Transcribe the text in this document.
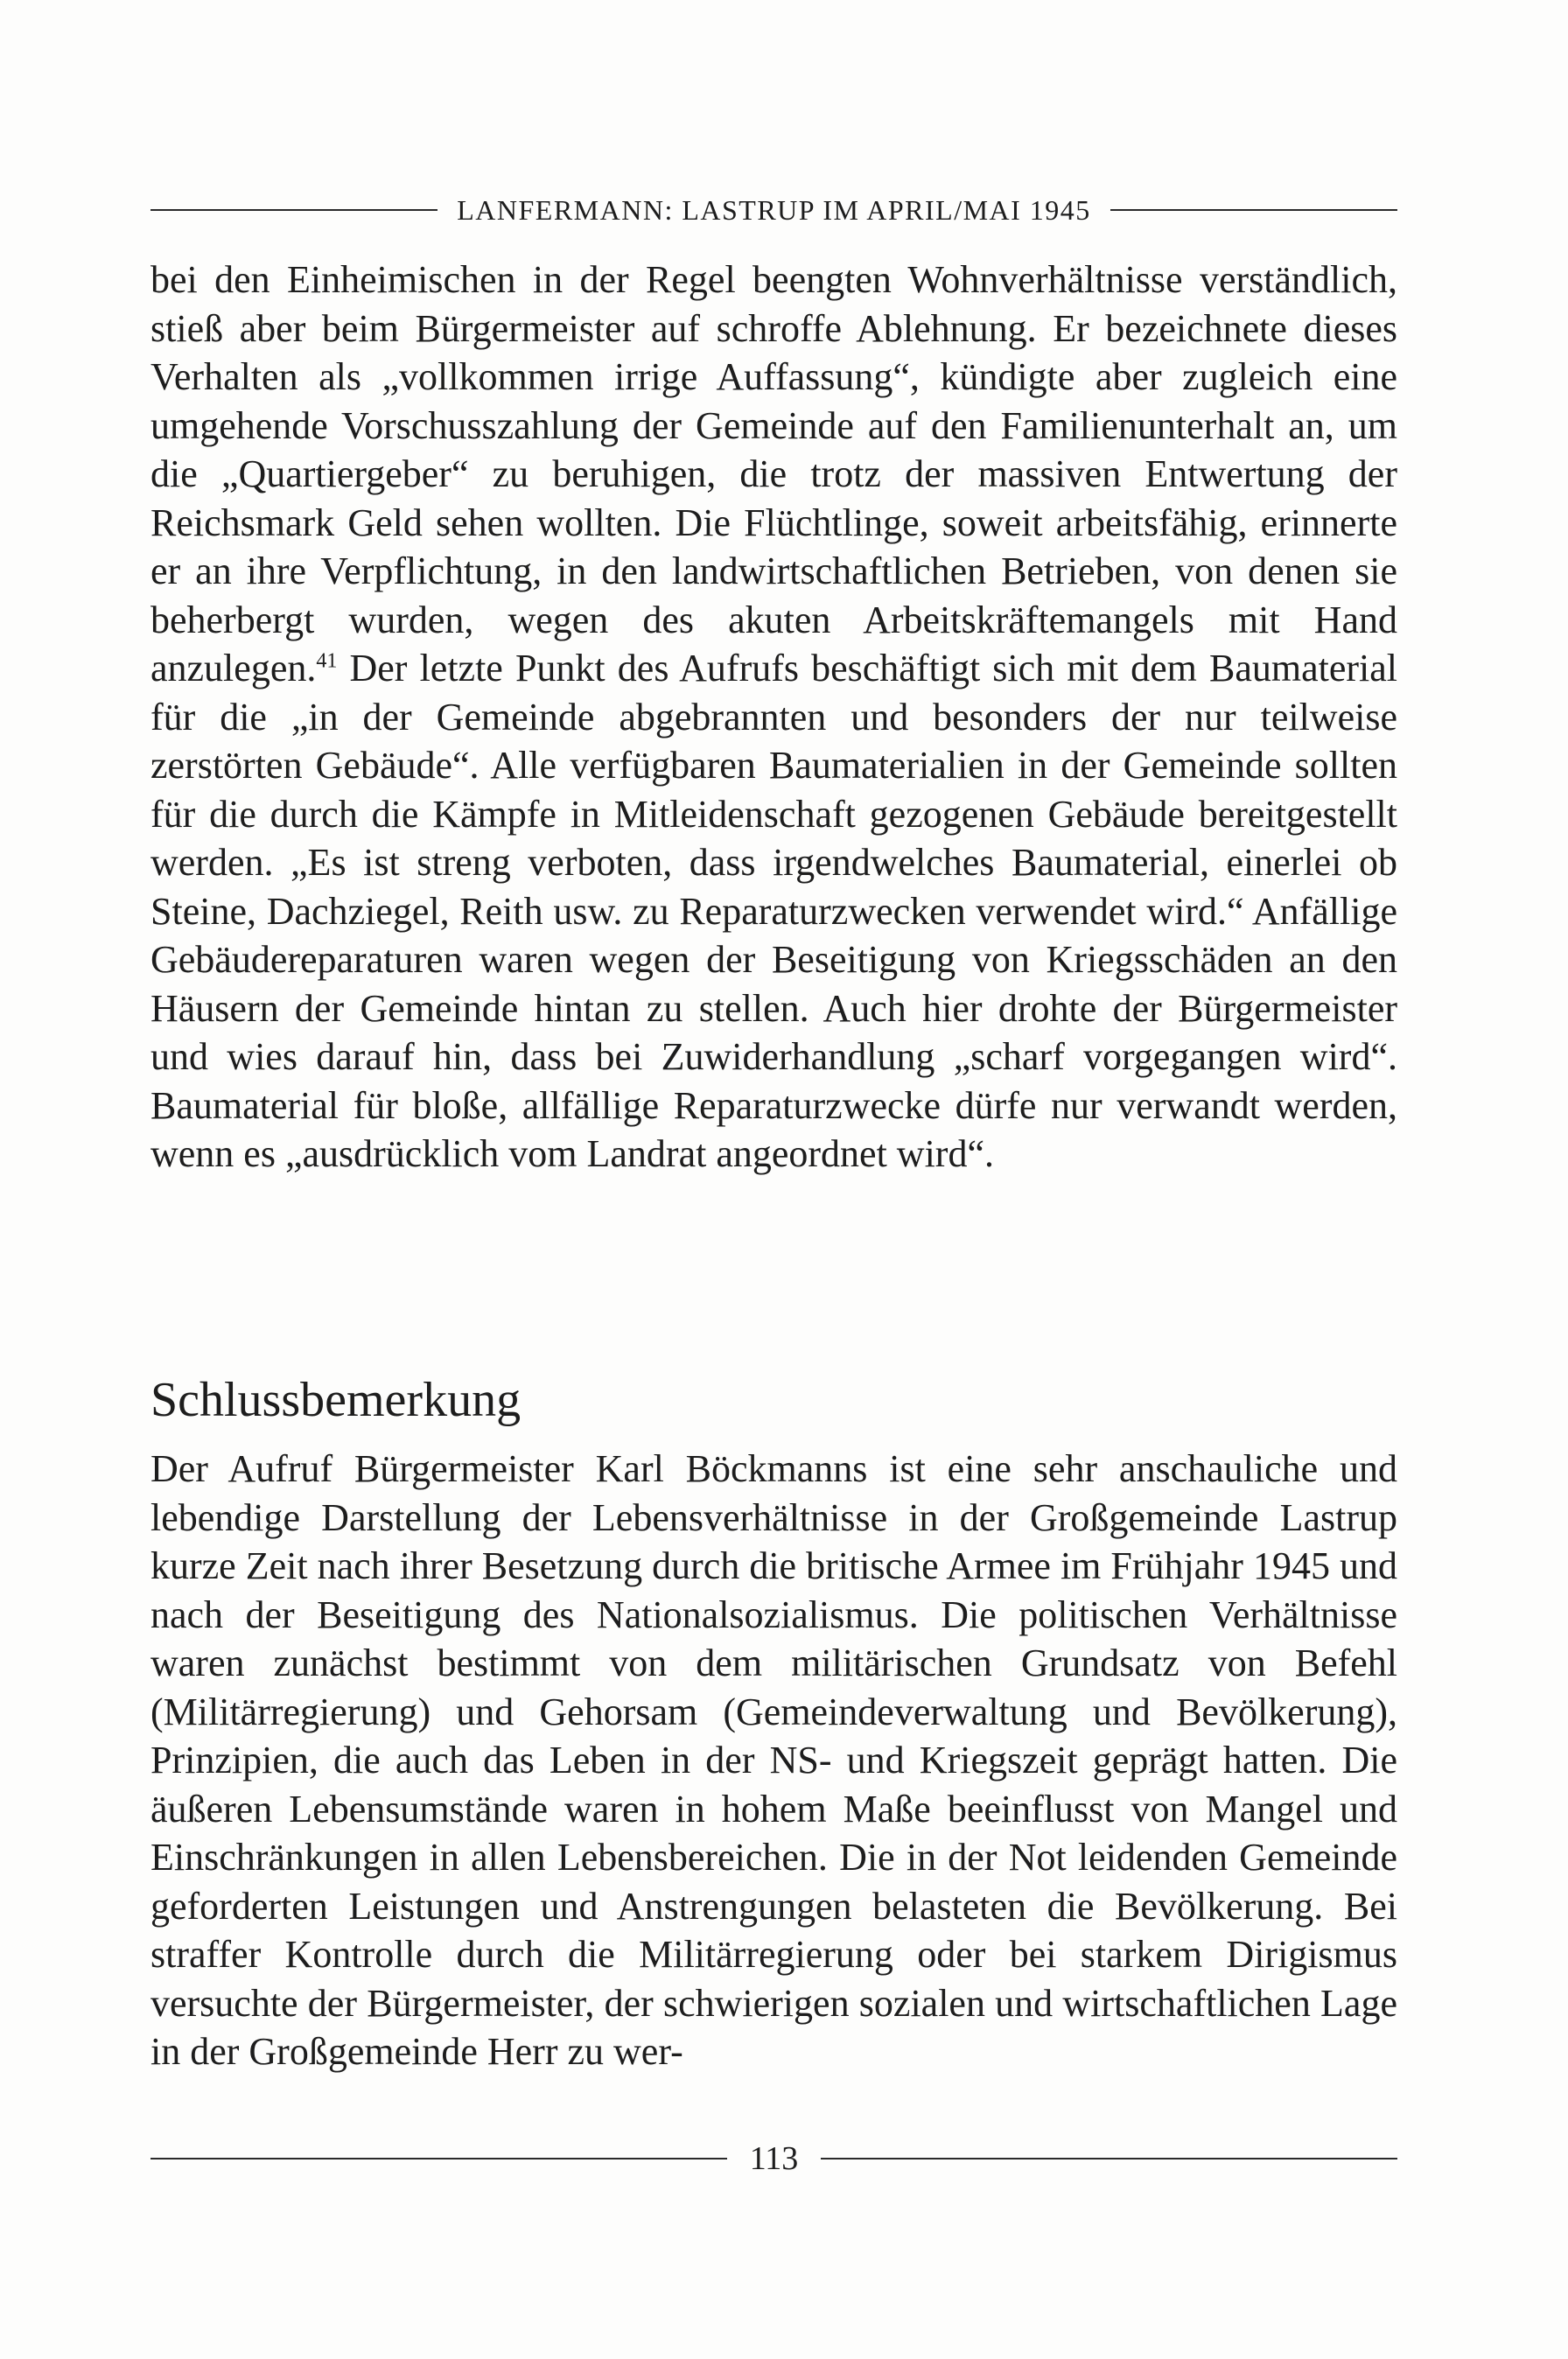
LANFERMANN: LASTRUP IM APRIL/MAI 1945

bei den Einheimischen in der Regel beengten Wohnverhältnisse verständlich, stieß aber beim Bürgermeister auf schroffe Ablehnung. Er bezeichnete dieses Verhalten als „vollkommen irrige Auffassung“, kündigte aber zugleich eine umgehende Vorschusszahlung der Gemeinde auf den Familienunterhalt an, um die „Quartiergeber“ zu beruhigen, die trotz der massiven Entwertung der Reichsmark Geld sehen wollten. Die Flüchtlinge, soweit arbeitsfähig, erinnerte er an ihre Verpflichtung, in den landwirtschaftlichen Betrieben, von denen sie beherbergt wurden, wegen des akuten Arbeitskräftemangels mit Hand anzulegen.$^{41}$ Der letzte Punkt des Aufrufs beschäftigt sich mit dem Baumaterial für die „in der Gemeinde abgebrannten und besonders der nur teilweise zerstörten Gebäude“. Alle verfügbaren Baumaterialien in der Gemeinde sollten für die durch die Kämpfe in Mitleidenschaft gezogenen Gebäude bereitgestellt werden. „Es ist streng verboten, dass irgendwelches Baumaterial, einerlei ob Steine, Dachziegel, Reith usw. zu Reparaturzwecken verwendet wird.“ Anfällige Gebäudereparaturen waren wegen der Beseitigung von Kriegsschäden an den Häusern der Gemeinde hintan zu stellen. Auch hier drohte der Bürgermeister und wies darauf hin, dass bei Zuwiderhandlung „scharf vorgegangen wird“. Baumaterial für bloße, allfällige Reparaturzwecke dürfe nur verwandt werden, wenn es „ausdrücklich vom Landrat angeordnet wird“.

Schlussbemerkung

Der Aufruf Bürgermeister Karl Böckmanns ist eine sehr anschauliche und lebendige Darstellung der Lebensverhältnisse in der Großgemeinde Lastrup kurze Zeit nach ihrer Besetzung durch die britische Armee im Frühjahr 1945 und nach der Beseitigung des Nationalsozialismus. Die politischen Verhältnisse waren zunächst bestimmt von dem militärischen Grundsatz von Befehl (Militärregierung) und Gehorsam (Gemeindeverwaltung und Bevölkerung), Prinzipien, die auch das Leben in der NS- und Kriegszeit geprägt hatten. Die äußeren Lebensumstände waren in hohem Maße beeinflusst von Mangel und Einschränkungen in allen Lebensbereichen. Die in der Not leidenden Gemeinde geforderten Leistungen und Anstrengungen belasteten die Bevölkerung. Bei straffer Kontrolle durch die Militärregierung oder bei starkem Dirigismus versuchte der Bürgermeister, der schwierigen sozialen und wirtschaftlichen Lage in der Großgemeinde Herr zu wer-

113
